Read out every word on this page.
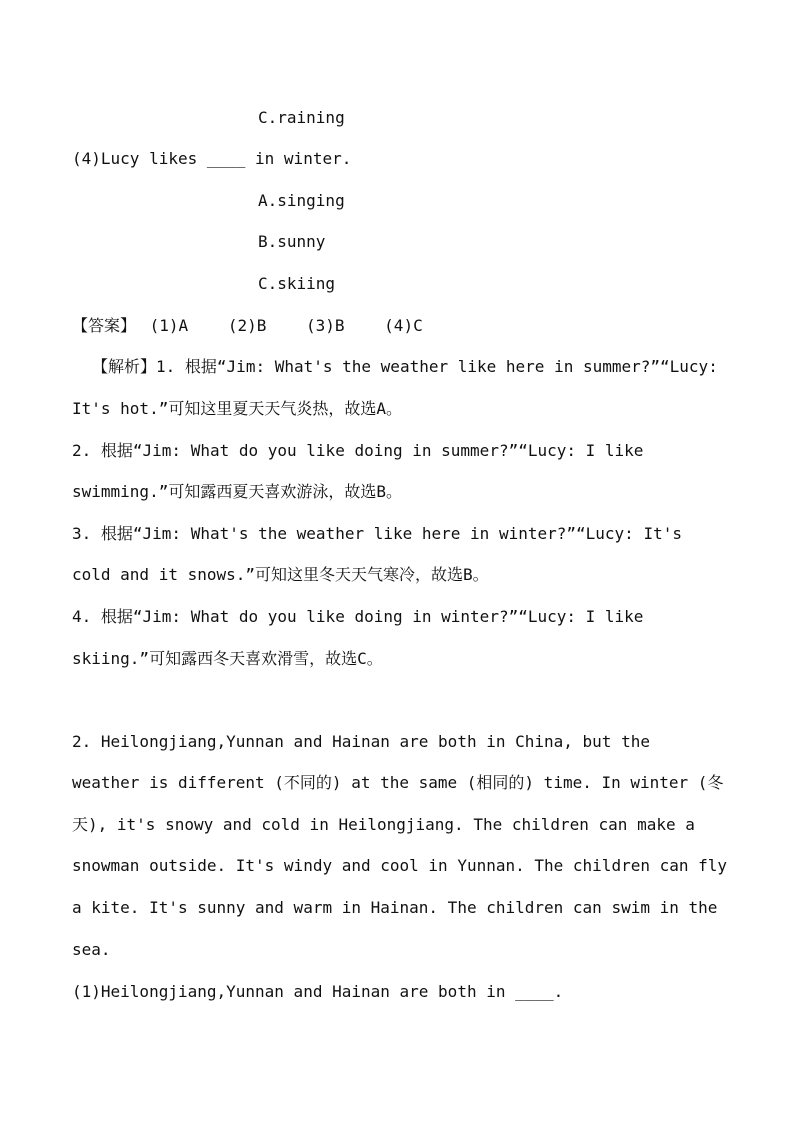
C.raining
(4)Lucy likes ____ in winter.
A.singing
B.sunny
C.skiing
【答案】 (1)A (2)B (3)B (4)C
【解析】1. 根据“Jim: What's the weather like here in summer?”“Lucy:
It's hot.”可知这里夏天天气炎热，故选A。
2. 根据“Jim: What do you like doing in summer?”“Lucy: I like
swimming.”可知露西夏天喜欢游泳，故选B。
3. 根据“Jim: What's the weather like here in winter?”“Lucy: It's
cold and it snows.”可知这里冬天天气寒冷，故选B。
4. 根据“Jim: What do you like doing in winter?”“Lucy: I like
skiing.”可知露西冬天喜欢滑雪，故选C。
2. Heilongjiang,Yunnan and Hainan are both in China, but the
weather is different (不同的) at the same (相同的) time. In winter (冬
天), it's snowy and cold in Heilongjiang. The children can make a
snowman outside. It's windy and cool in Yunnan. The children can fly
a kite. It's sunny and warm in Hainan. The children can swim in the
sea.
(1)Heilongjiang,Yunnan and Hainan are both in ____.
